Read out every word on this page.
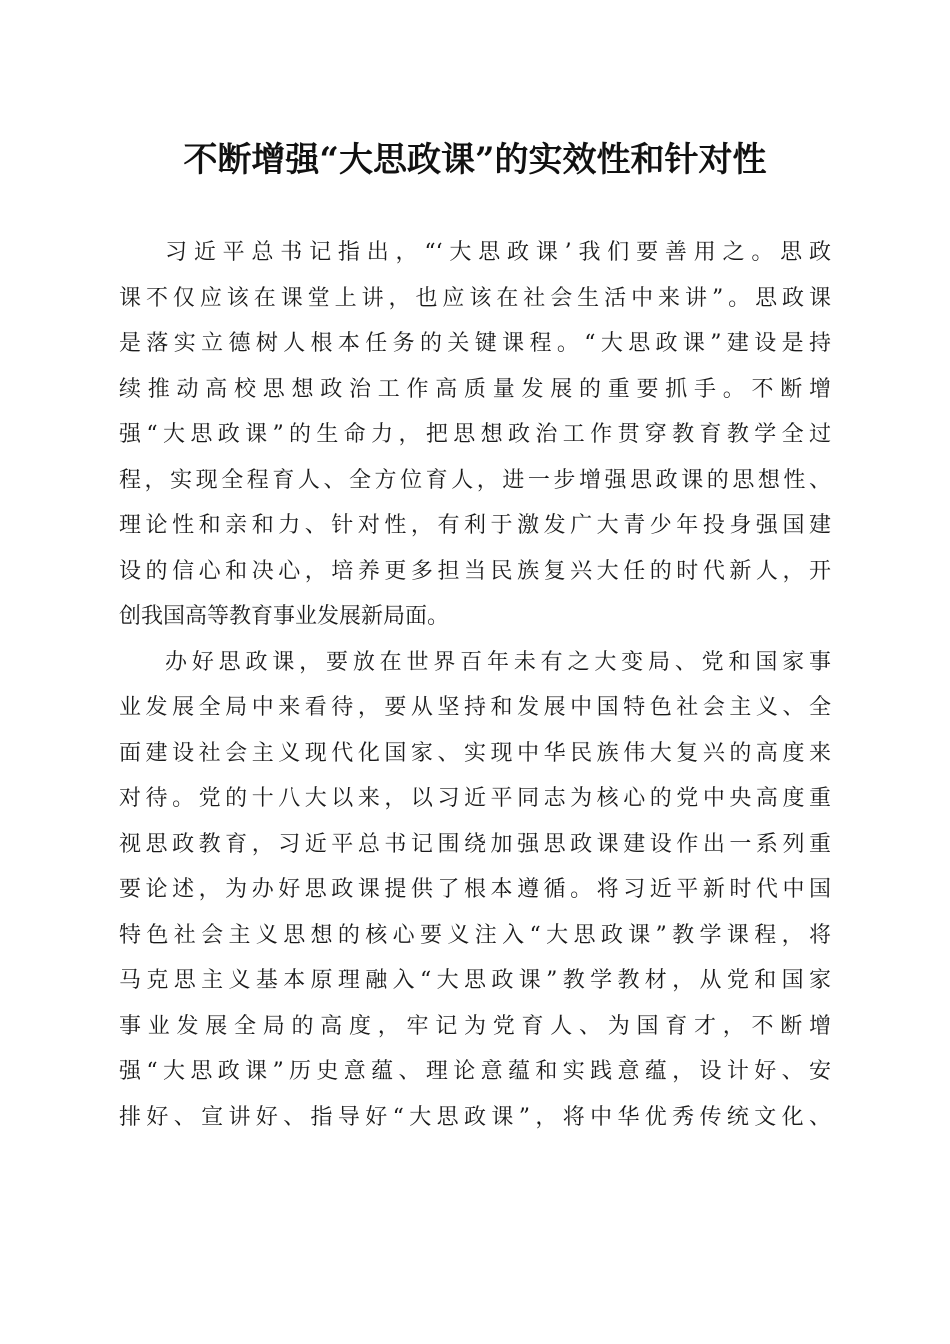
不断增强“大思政课”的实效性和针对性
习近平总书记指出，“‘大思政课’我们要善用之。思政
课不仅应该在课堂上讲，也应该在社会生活中来讲”。思政课
是落实立德树人根本任务的关键课程。“大思政课”建设是持
续推动高校思想政治工作高质量发展的重要抓手。不断增
强“大思政课”的生命力，把思想政治工作贯穿教育教学全过
程，实现全程育人、全方位育人，进一步增强思政课的思想性、
理论性和亲和力、针对性，有利于激发广大青少年投身强国建
设的信心和决心，培养更多担当民族复兴大任的时代新人，开
创我国高等教育事业发展新局面。
办好思政课，要放在世界百年未有之大变局、党和国家事
业发展全局中来看待，要从坚持和发展中国特色社会主义、全
面建设社会主义现代化国家、实现中华民族伟大复兴的高度来
对待。党的十八大以来，以习近平同志为核心的党中央高度重
视思政教育，习近平总书记围绕加强思政课建设作出一系列重
要论述，为办好思政课提供了根本遵循。将习近平新时代中国
特色社会主义思想的核心要义注入“大思政课”教学课程，将
马克思主义基本原理融入“大思政课”教学教材，从党和国家
事业发展全局的高度，牢记为党育人、为国育才，不断增
强“大思政课”历史意蕴、理论意蕴和实践意蕴，设计好、安
排好、宣讲好、指导好“大思政课”，将中华优秀传统文化、
